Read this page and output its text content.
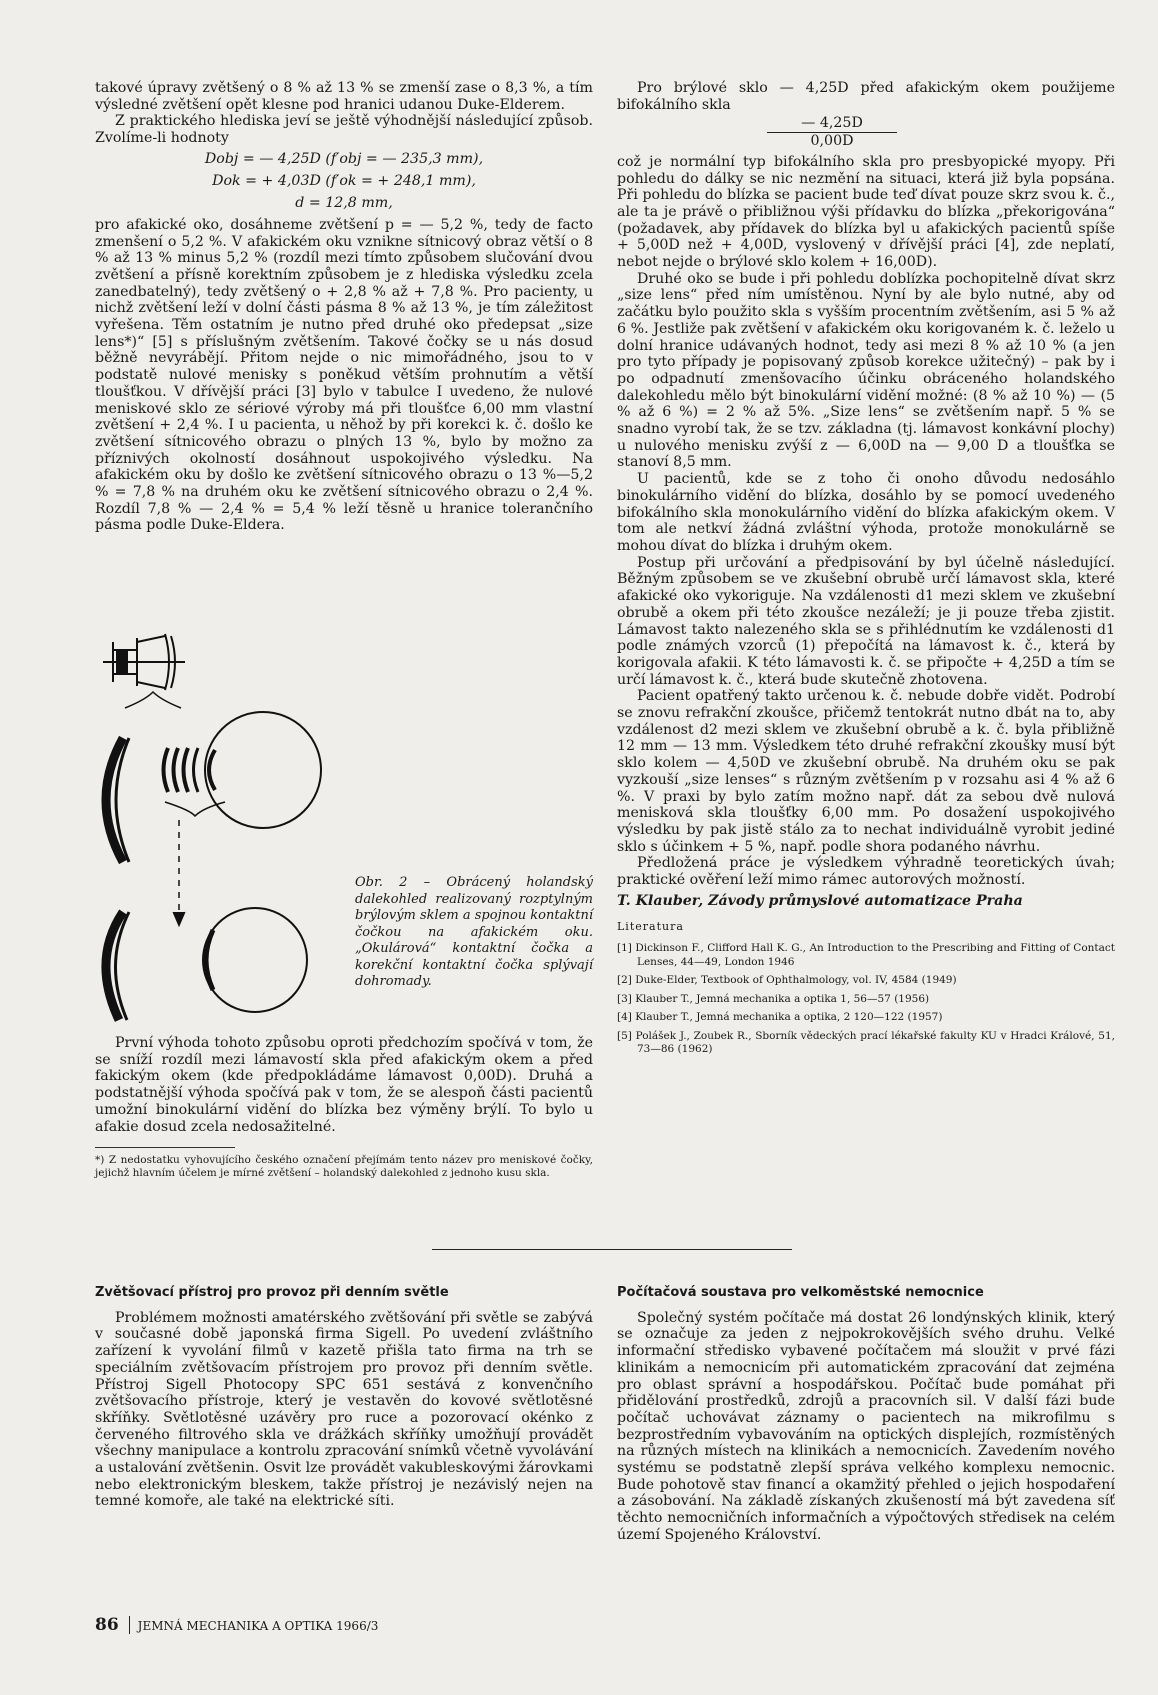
takové úpravy zvětšený o 8 % až 13 % se zmenší zase o 8,3 %, a tím výsledné zvětšení opět klesne pod hranici udanou Duke-Elderem.

Z praktického hlediska jeví se ještě výhodnější následující způsob. Zvolíme-li hodnoty

Dobj = — 4,25D (f′obj = — 235,3 mm),
Dok = + 4,03D (f′ok = + 248,1 mm),
d = 12,8 mm,

pro afakické oko, dosáhneme zvětšení p = — 5,2 %, tedy de facto zmenšení o 5,2 %. V afakickém oku vznikne sítnicový obraz větší o 8 % až 13 % minus 5,2 % (rozdíl mezi tímto způsobem slučování dvou zvětšení a přísně korektním způsobem je z hlediska výsledku zcela zanedbatelný), tedy zvětšený o + 2,8 % až + 7,8 %. Pro pacienty, u nichž zvětšení leží v dolní části pásma 8 % až 13 %, je tím záležitost vyřešena. Těm ostatním je nutno před druhé oko předepsat „size lens*)“ [5] s příslušným zvětšením. Takové čočky se u nás dosud běžně nevyrábějí. Přitom nejde o nic mimořádného, jsou to v podstatě nulové menisky s poněkud větším prohnutím a větší tloušťkou. V dřívější práci [3] bylo v tabulce I uvedeno, že nulové meniskové sklo ze sériové výroby má při tloušťce 6,00 mm vlastní zvětšení + 2,4 %. I u pacienta, u něhož by při korekci k. č. došlo ke zvětšení sítnicového obrazu o plných 13 %, bylo by možno za příznivých okolností dosáhnout uspokojivého výsledku. Na afakickém oku by došlo ke zvětšení sítnicového obrazu o 13 %—5,2 % = 7,8 % na druhém oku ke zvětšení sítnicového obrazu o 2,4 %. Rozdíl 7,8 % — 2,4 % = 5,4 % leží těsně u hranice tolerančního pásma podle Duke-Eldera.

Obr. 2 – Obrácený holandský dalekohled realizovaný rozptylným brýlovým sklem a spojnou kontaktní čočkou na afakickém oku. „Okulárová“ kontaktní čočka a korekční kontaktní čočka splývají dohromady.

První výhoda tohoto způsobu oproti předchozím spočívá v tom, že se sníží rozdíl mezi lámavostí skla před afakickým okem a před fakickým okem (kde předpokládáme lámavost 0,00D). Druhá a podstatnější výhoda spočívá pak v tom, že se alespoň části pacientů umožní binokulární vidění do blízka bez výměny brýlí. To bylo u afakie dosud zcela nedosažitelné.

*) Z nedostatku vyhovujícího českého označení přejímám tento název pro meniskové čočky, jejichž hlavním účelem je mírné zvětšení – holandský dalekohled z jednoho kusu skla.

Pro brýlové sklo — 4,25D před afakickým okem použijeme bifokálního skla

— 4,25D
0,00D

což je normální typ bifokálního skla pro presbyopické myopy. Při pohledu do dálky se nic nezmění na situaci, která již byla popsána. Při pohledu do blízka se pacient bude teď dívat pouze skrz svou k. č., ale ta je právě o přibližnou výši přídavku do blízka „překorigována“ (požadavek, aby přídavek do blízka byl u afakických pacientů spíše + 5,00D než + 4,00D, vyslovený v dřívější práci [4], zde neplatí, nebot nejde o brýlové sklo kolem + 16,00D).

Druhé oko se bude i při pohledu doblízka pochopitelně dívat skrz „size lens“ před ním umístěnou. Nyní by ale bylo nutné, aby od začátku bylo použito skla s vyšším procentním zvětšením, asi 5 % až 6 %. Jestliže pak zvětšení v afakickém oku korigovaném k. č. leželo u dolní hranice udávaných hodnot, tedy asi mezi 8 % až 10 % (a jen pro tyto případy je popisovaný způsob korekce užitečný) – pak by i po odpadnutí zmenšovacího účinku obráceného holandského dalekohledu mělo být binokulární vidění možné: (8 % až 10 %) — (5 % až 6 %) = 2 % až 5%. „Size lens“ se zvětšením např. 5 % se snadno vyrobí tak, že se tzv. základna (tj. lámavost konkávní plochy) u nulového menisku zvýší z — 6,00D na — 9,00 D a tloušťka se stanoví 8,5 mm.

U pacientů, kde se z toho či onoho důvodu nedosáhlo binokulárního vidění do blízka, dosáhlo by se pomocí uvedeného bifokálního skla monokulárního vidění do blízka afakickým okem. V tom ale netkví žádná zvláštní výhoda, protože monokulárně se mohou dívat do blízka i druhým okem.

Postup při určování a předpisování by byl účelně následující. Běžným způsobem se ve zkušební obrubě určí lámavost skla, které afakické oko vykoriguje. Na vzdálenosti d1 mezi sklem ve zkušební obrubě a okem při této zkoušce nezáleží; je ji pouze třeba zjistit. Lámavost takto nalezeného skla se s přihlédnutím ke vzdálenosti d1 podle známých vzorců (1) přepočítá na lámavost k. č., která by korigovala afakii. K této lámavosti k. č. se připočte + 4,25D a tím se určí lámavost k. č., která bude skutečně zhotovena.

Pacient opatřený takto určenou k. č. nebude dobře vidět. Podrobí se znovu refrakční zkoušce, přičemž tentokrát nutno dbát na to, aby vzdálenost d2 mezi sklem ve zkušební obrubě a k. č. byla přibližně 12 mm — 13 mm. Výsledkem této druhé refrakční zkoušky musí být sklo kolem — 4,50D ve zkušební obrubě. Na druhém oku se pak vyzkouší „size lenses“ s různým zvětšením p v rozsahu asi 4 % až 6 %. V praxi by bylo zatím možno např. dát za sebou dvě nulová menisková skla tloušťky 6,00 mm. Po dosažení uspokojivého výsledku by pak jistě stálo za to nechat individuálně vyrobit jediné sklo s účinkem + 5 %, např. podle shora podaného návrhu.

Předložená práce je výsledkem výhradně teoretických úvah; praktické ověření leží mimo rámec autorových možností.

T. Klauber, Závody průmyslové automatizace Praha

Literatura
[1] Dickinson F., Clifford Hall K. G., An Introduction to the Prescribing and Fitting of Contact Lenses, 44—49, London 1946
[2] Duke-Elder, Textbook of Ophthalmology, vol. IV, 4584 (1949)
[3] Klauber T., Jemná mechanika a optika 1, 56—57 (1956)
[4] Klauber T., Jemná mechanika a optika, 2 120—122 (1957)
[5] Polášek J., Zoubek R., Sborník vědeckých prací lékařské fakulty KU v Hradci Králové, 51, 73—86 (1962)
Zvětšovací přístroj pro provoz při denním světle

Problémem možnosti amatérského zvětšování při světle se zabývá v současné době japonská firma Sigell. Po uvedení zvláštního zařízení k vyvolání filmů v kazetě přišla tato firma na trh se speciálním zvětšovacím přístrojem pro provoz při denním světle. Přístroj Sigell Photocopy SPC 651 sestává z konvenčního zvětšovacího přístroje, který je vestavěn do kovové světlotěsné skříňky. Světlotěsné uzávěry pro ruce a pozorovací okénko z červeného filtrového skla ve drážkách skříňky umožňují provádět všechny manipulace a kontrolu zpracování snímků včetně vyvolávání a ustalování zvětšenin. Osvit lze provádět vakubleskovými žárovkami nebo elektronickým bleskem, takže přístroj je nezávislý nejen na temné komoře, ale také na elektrické síti.

Počítačová soustava pro velkoměstské nemocnice

Společný systém počítače má dostat 26 londýnských klinik, který se označuje za jeden z nejpokrokovějších svého druhu. Velké informační středisko vybavené počítačem má sloužit v prvé fázi klinikám a nemocnicím při automatickém zpracování dat zejména pro oblast správní a hospodářskou. Počítač bude pomáhat při přidělování prostředků, zdrojů a pracovních sil. V další fázi bude počítač uchovávat záznamy o pacientech na mikrofilmu s bezprostředním vybavováním na optických displejích, rozmístěných na různých místech na klinikách a nemocnicích. Zavedením nového systému se podstatně zlepší správa velkého komplexu nemocnic. Bude pohotově stav financí a okamžitý přehled o jejich hospodaření a zásobování. Na základě získaných zkušeností má být zavedena síť těchto nemocničních informačních a výpočtových středisek na celém území Spojeného Království.

86 JEMNÁ MECHANIKA A OPTIKA 1966/3
